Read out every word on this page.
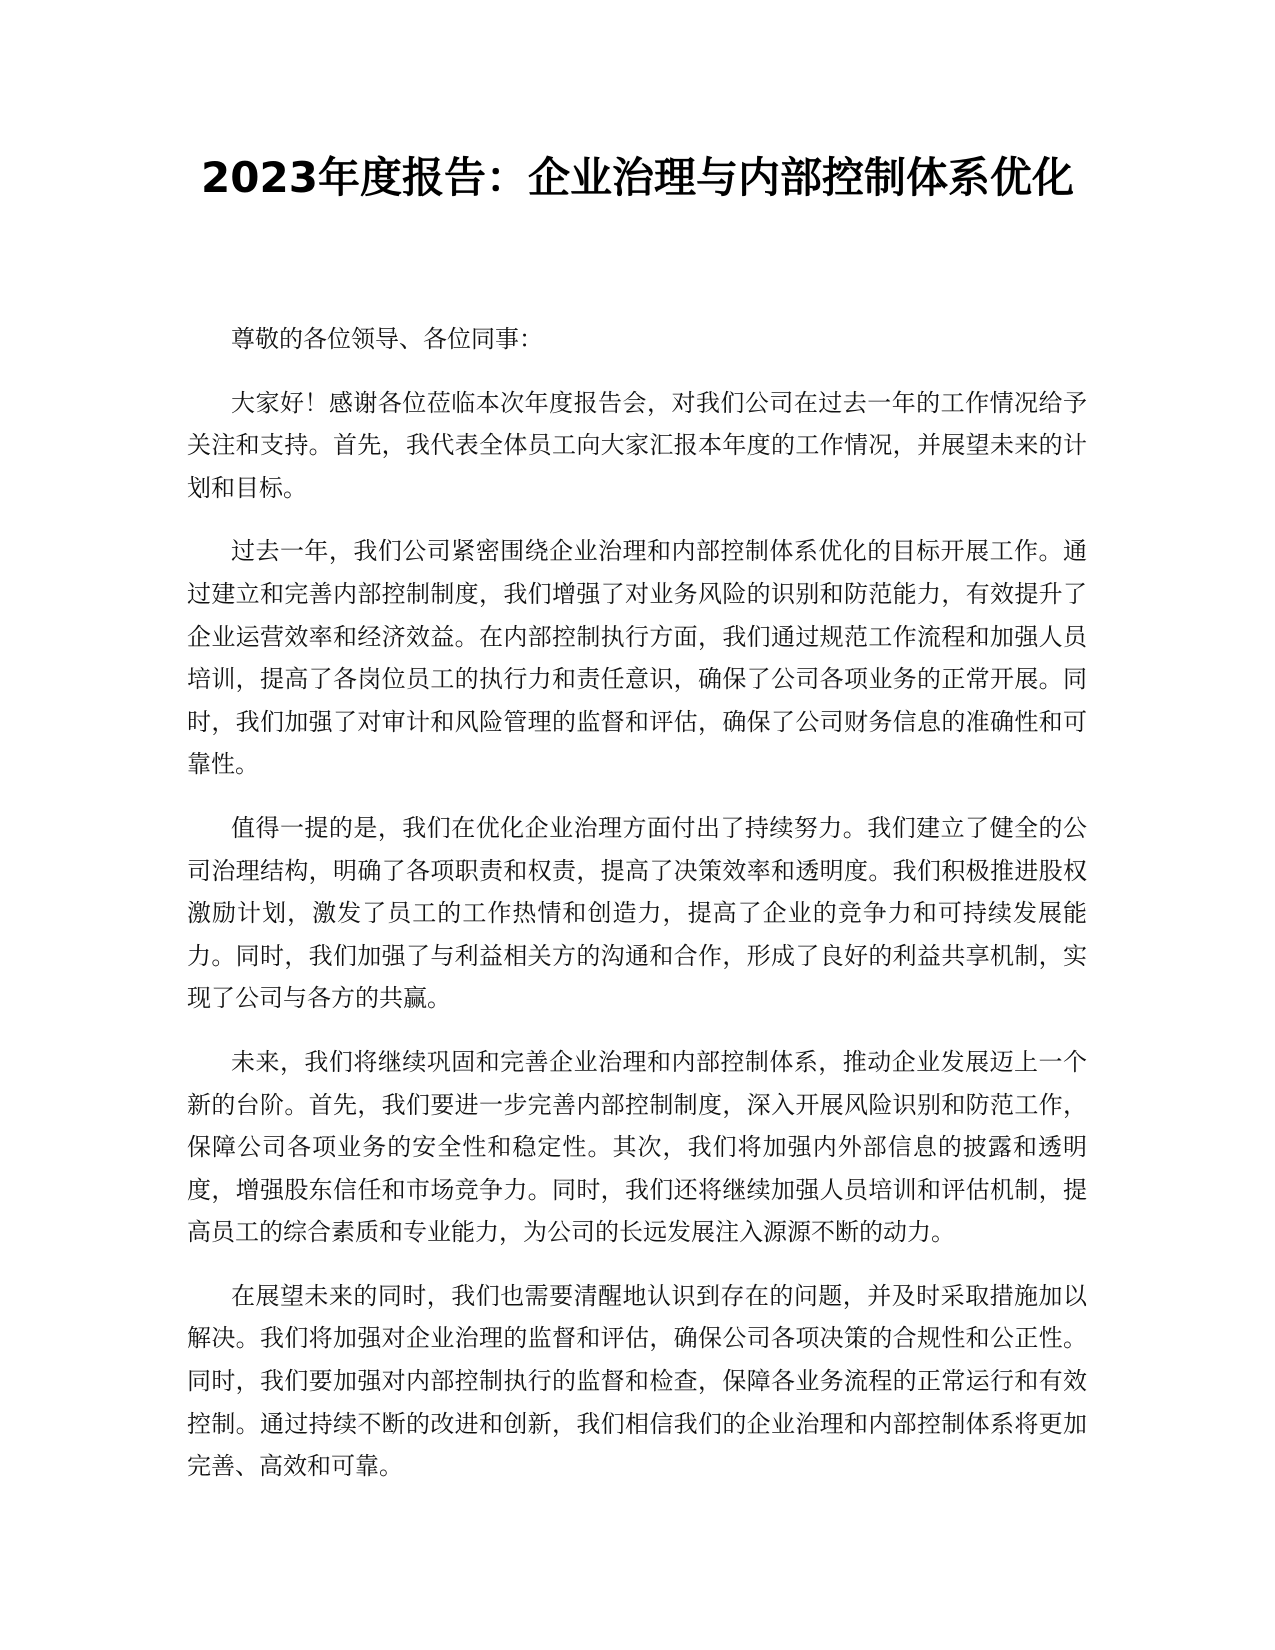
2023年度报告：企业治理与内部控制体系优化

尊敬的各位领导、各位同事：

大家好！感谢各位莅临本次年度报告会，对我们公司在过去一年的工作情况给予关注和支持。首先，我代表全体员工向大家汇报本年度的工作情况，并展望未来的计划和目标。

过去一年，我们公司紧密围绕企业治理和内部控制体系优化的目标开展工作。通过建立和完善内部控制制度，我们增强了对业务风险的识别和防范能力，有效提升了企业运营效率和经济效益。在内部控制执行方面，我们通过规范工作流程和加强人员培训，提高了各岗位员工的执行力和责任意识，确保了公司各项业务的正常开展。同时，我们加强了对审计和风险管理的监督和评估，确保了公司财务信息的准确性和可靠性。

值得一提的是，我们在优化企业治理方面付出了持续努力。我们建立了健全的公司治理结构，明确了各项职责和权责，提高了决策效率和透明度。我们积极推进股权激励计划，激发了员工的工作热情和创造力，提高了企业的竞争力和可持续发展能力。同时，我们加强了与利益相关方的沟通和合作，形成了良好的利益共享机制，实现了公司与各方的共赢。

未来，我们将继续巩固和完善企业治理和内部控制体系，推动企业发展迈上一个新的台阶。首先，我们要进一步完善内部控制制度，深入开展风险识别和防范工作，保障公司各项业务的安全性和稳定性。其次，我们将加强内外部信息的披露和透明度，增强股东信任和市场竞争力。同时，我们还将继续加强人员培训和评估机制，提高员工的综合素质和专业能力，为公司的长远发展注入源源不断的动力。

在展望未来的同时，我们也需要清醒地认识到存在的问题，并及时采取措施加以解决。我们将加强对企业治理的监督和评估，确保公司各项决策的合规性和公正性。同时，我们要加强对内部控制执行的监督和检查，保障各业务流程的正常运行和有效控制。通过持续不断的改进和创新，我们相信我们的企业治理和内部控制体系将更加完善、高效和可靠。
